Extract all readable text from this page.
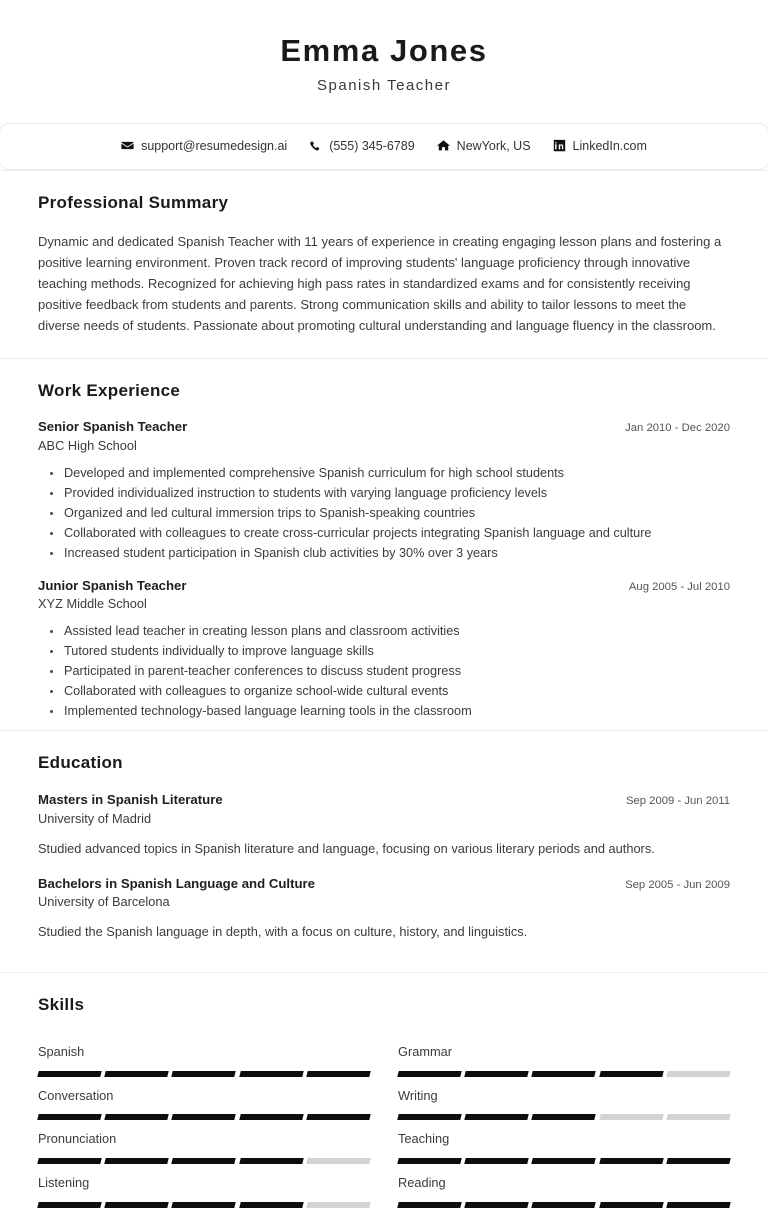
Emma Jones
Spanish Teacher
support@resumedesign.ai	(555) 345-6789	NewYork, US	LinkedIn.com
Professional Summary

Dynamic and dedicated Spanish Teacher with 11 years of experience in creating engaging lesson plans and fostering a positive learning environment. Proven track record of improving students' language proficiency through innovative teaching methods. Recognized for achieving high pass rates in standardized exams and for consistently receiving positive feedback from students and parents. Strong communication skills and ability to tailor lessons to meet the diverse needs of students. Passionate about promoting cultural understanding and language fluency in the classroom.

Work Experience
Senior Spanish Teacher	Jan 2010 - Dec 2020
ABC High School
Developed and implemented comprehensive Spanish curriculum for high school students
Provided individualized instruction to students with varying language proficiency levels
Organized and led cultural immersion trips to Spanish-speaking countries
Collaborated with colleagues to create cross-curricular projects integrating Spanish language and culture
Increased student participation in Spanish club activities by 30% over 3 years
Junior Spanish Teacher	Aug 2005 - Jul 2010
XYZ Middle School
Assisted lead teacher in creating lesson plans and classroom activities
Tutored students individually to improve language skills
Participated in parent-teacher conferences to discuss student progress
Collaborated with colleagues to organize school-wide cultural events
Implemented technology-based language learning tools in the classroom
Education
Masters in Spanish Literature	Sep 2009 - Jun 2011
University of Madrid
Studied advanced topics in Spanish literature and language, focusing on various literary periods and authors.
Bachelors in Spanish Language and Culture	Sep 2005 - Jun 2009
University of Barcelona
Studied the Spanish language in depth, with a focus on culture, history, and linguistics.
Skills
Spanish	Grammar
Conversation	Writing
Pronunciation	Teaching
Listening	Reading
